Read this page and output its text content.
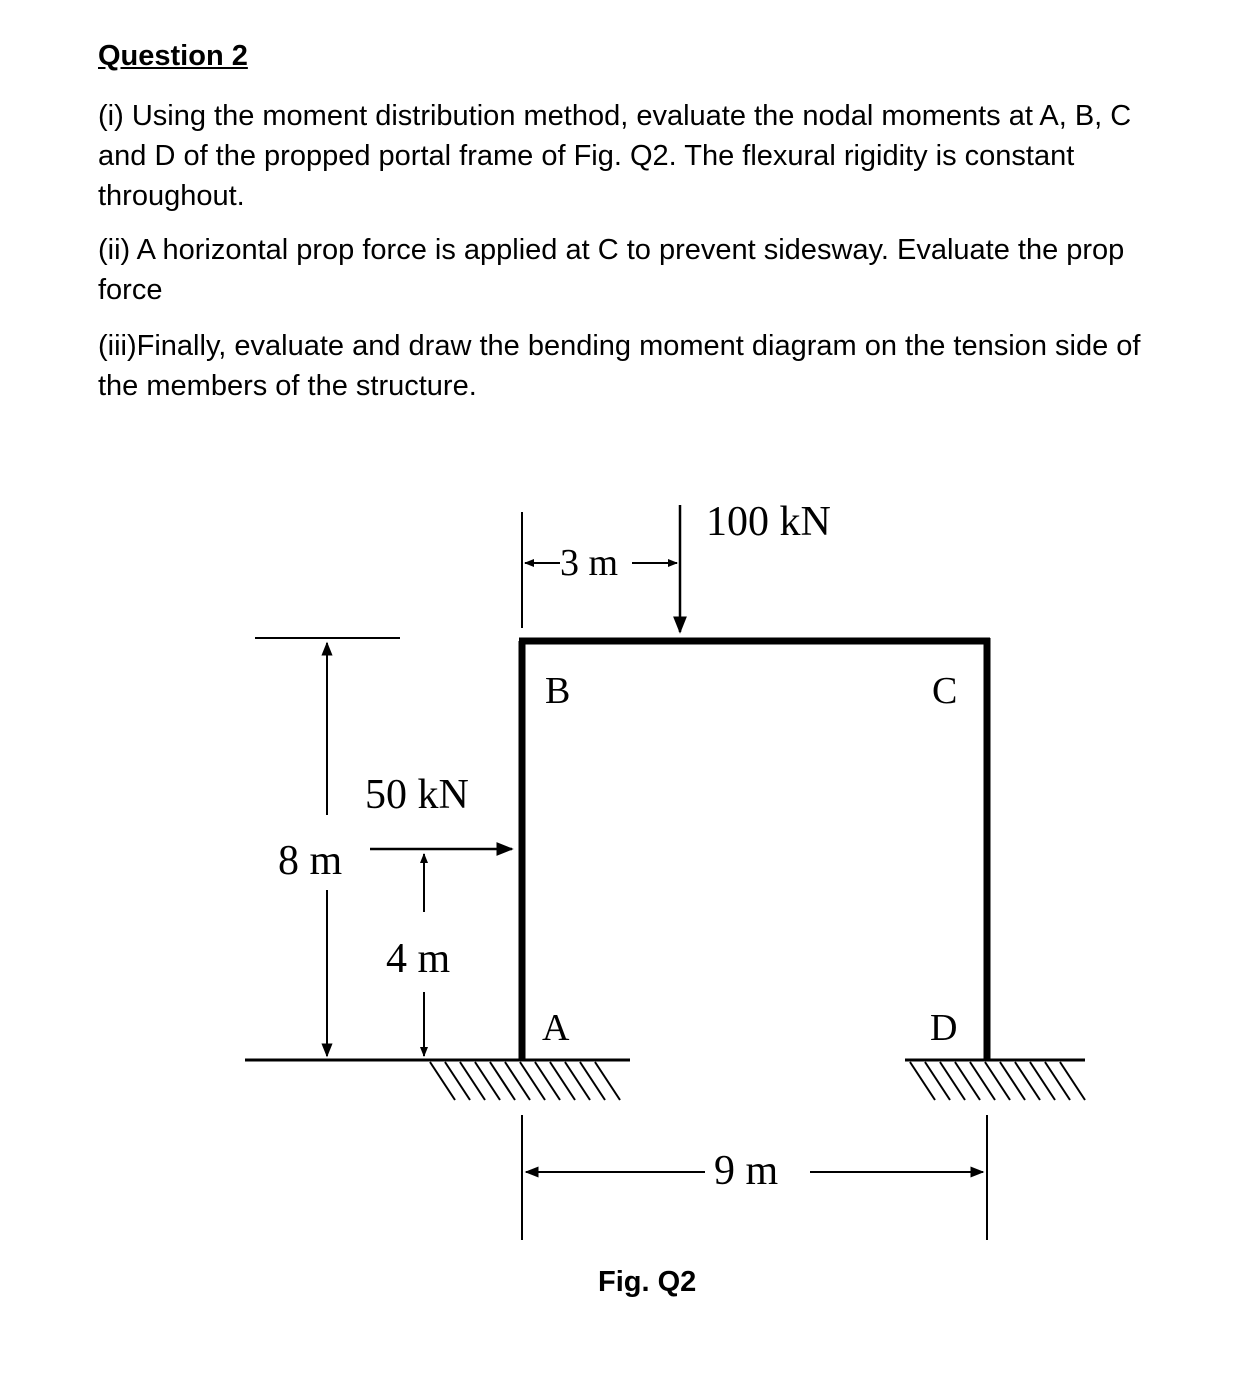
Question 2

(i) Using the moment distribution method, evaluate the nodal moments at A, B, C and D of the propped portal frame of Fig. Q2. The flexural rigidity is constant throughout.

(ii) A horizontal prop force is applied at C to prevent sidesway. Evaluate the prop force

(iii)Finally, evaluate and draw the bending moment diagram on the tension side of the members of the structure.

100 kN
3 m
8 m
50 kN
4 m
B	C
A	D
9 m
Fig. Q2
